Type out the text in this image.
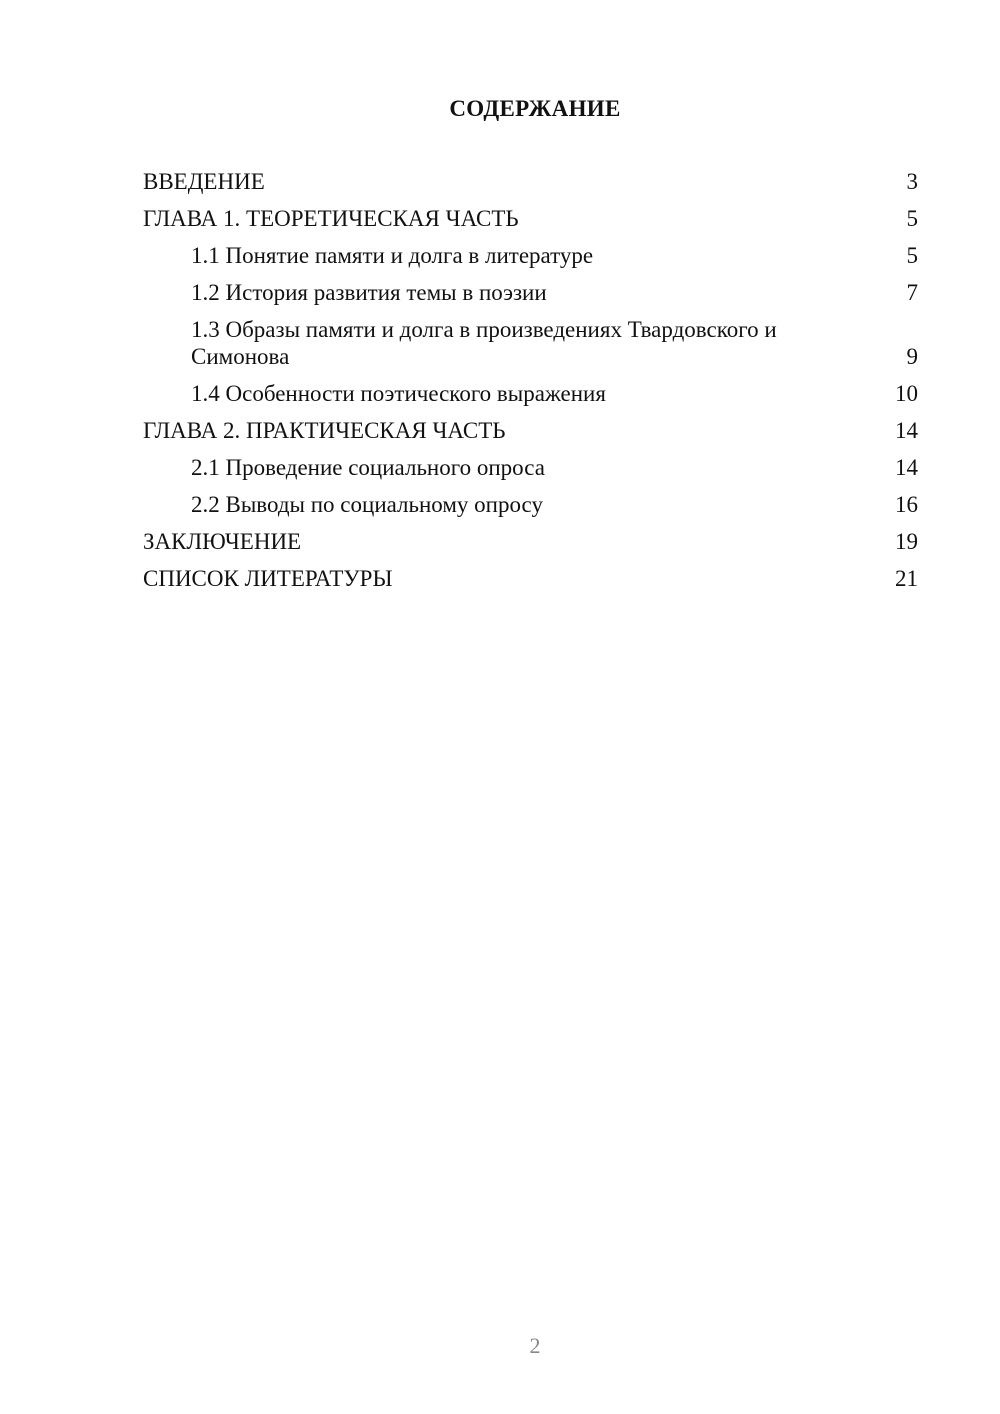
СОДЕРЖАНИЕ
ВВЕДЕНИЕ	3
ГЛАВА 1. ТЕОРЕТИЧЕСКАЯ ЧАСТЬ	5
1.1 Понятие памяти и долга в литературе	5
1.2 История развития темы в поэзии	7
1.3 Образы памяти и долга в произведениях Твардовского и Симонова	9
1.4 Особенности поэтического выражения	10
ГЛАВА 2. ПРАКТИЧЕСКАЯ ЧАСТЬ	14
2.1 Проведение социального опроса	14
2.2 Выводы по социальному опросу	16
ЗАКЛЮЧЕНИЕ	19
СПИСОК ЛИТЕРАТУРЫ	21
2
